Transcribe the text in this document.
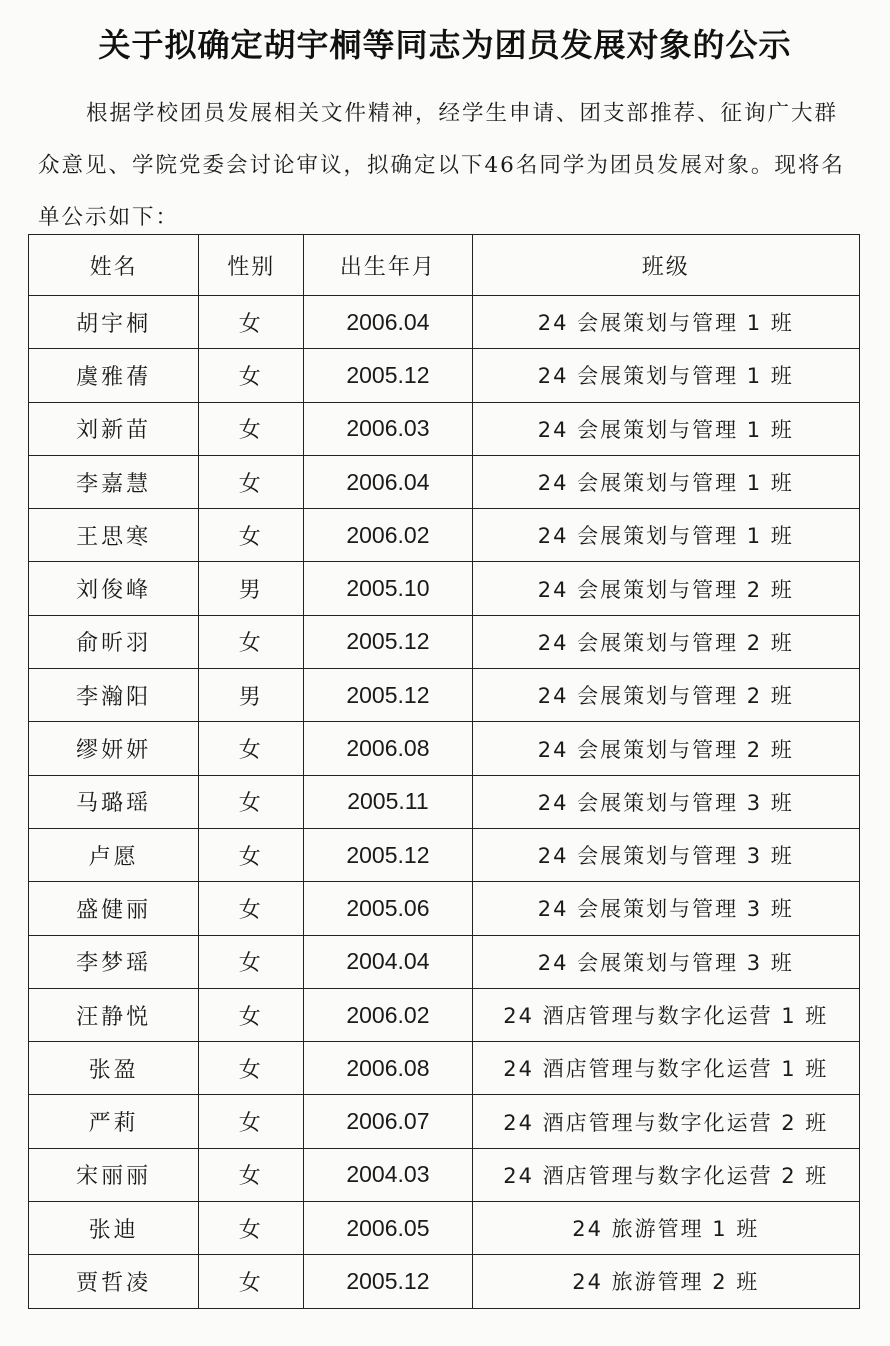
关于拟确定胡宇桐等同志为团员发展对象的公示

根据学校团员发展相关文件精神，经学生申请、团支部推荐、征询广大群众意见、学院党委会讨论审议，拟确定以下46名同学为团员发展对象。现将名单公示如下：

姓名	性别	出生年月	班级
胡宇桐	女	2006.04	24 会展策划与管理 1 班
虞雅蒨	女	2005.12	24 会展策划与管理 1 班
刘新苗	女	2006.03	24 会展策划与管理 1 班
李嘉慧	女	2006.04	24 会展策划与管理 1 班
王思寒	女	2006.02	24 会展策划与管理 1 班
刘俊峰	男	2005.10	24 会展策划与管理 2 班
俞昕羽	女	2005.12	24 会展策划与管理 2 班
李瀚阳	男	2005.12	24 会展策划与管理 2 班
缪妍妍	女	2006.08	24 会展策划与管理 2 班
马璐瑶	女	2005.11	24 会展策划与管理 3 班
卢愿	女	2005.12	24 会展策划与管理 3 班
盛健丽	女	2005.06	24 会展策划与管理 3 班
李梦瑶	女	2004.04	24 会展策划与管理 3 班
汪静悦	女	2006.02	24 酒店管理与数字化运营 1 班
张盈	女	2006.08	24 酒店管理与数字化运营 1 班
严莉	女	2006.07	24 酒店管理与数字化运营 2 班
宋丽丽	女	2004.03	24 酒店管理与数字化运营 2 班
张迪	女	2006.05	24 旅游管理 1 班
贾哲凌	女	2005.12	24 旅游管理 2 班
